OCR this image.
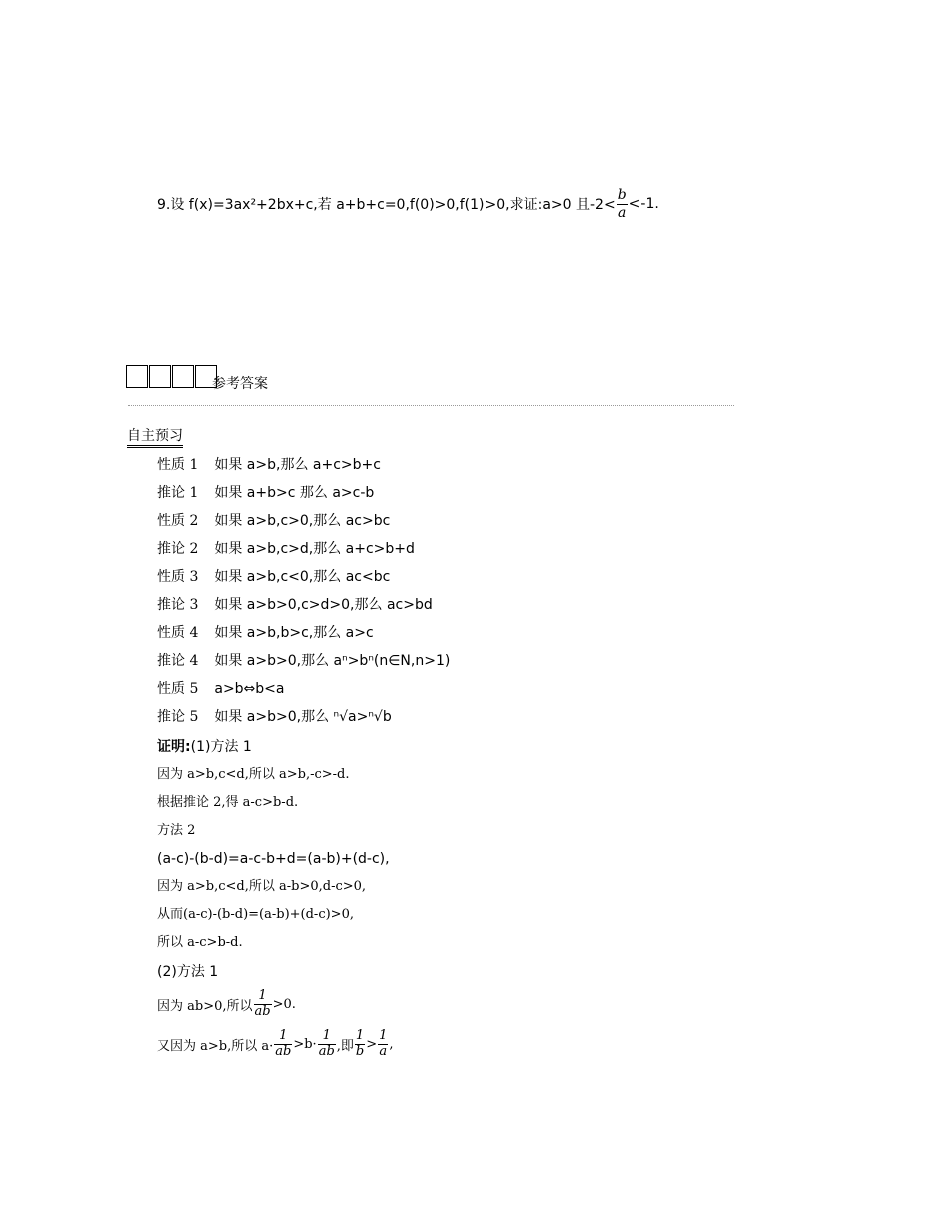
9.设 f(x)=3ax²+2bx+c,若 a+b+c=0,f(0)>0,f(1)>0,求证:a>0 且$-2< \frac{b}{a} <-1$.
参考答案
自主预习
性质 1 如果 a>b,那么 a+c>b+c
推论 1 如果 a+b>c 那么 a>c-b
性质 2 如果 a>b,c>0,那么 ac>bc
推论 2 如果 a>b,c>d,那么 a+c>b+d
性质 3 如果 a>b,c<0,那么 ac<bc
推论 3 如果 a>b>0,c>d>0,那么 ac>bd
性质 4 如果 a>b,b>c,那么 a>c
推论 4 如果 a>b>0,那么 aⁿ>bⁿ(n∈N,n>1)
性质 5 a>b⇔b<a
推论 5 如果 a>b>0,那么 ⁿ√a>ⁿ√b
证明:(1)方法 1
因为 a>b,c<d,所以 a>b,-c>-d.
根据推论 2,得 a-c>b-d.
方法 2
(a-c)-(b-d)=a-c-b+d=(a-b)+(d-c),
因为 a>b,c<d,所以 a-b>0,d-c>0,
从而(a-c)-(b-d)=(a-b)+(d-c)>0,
所以 a-c>b-d.
(2)方法 1
因为 ab>0,所以 $\frac{1}{ab} >0$.
又因为 a>b,所以 $a\cdot \frac{1}{ab} >b\cdot \frac{1}{ab}$ ,即 $\frac{1}{b} > \frac{1}{a}$ ,
